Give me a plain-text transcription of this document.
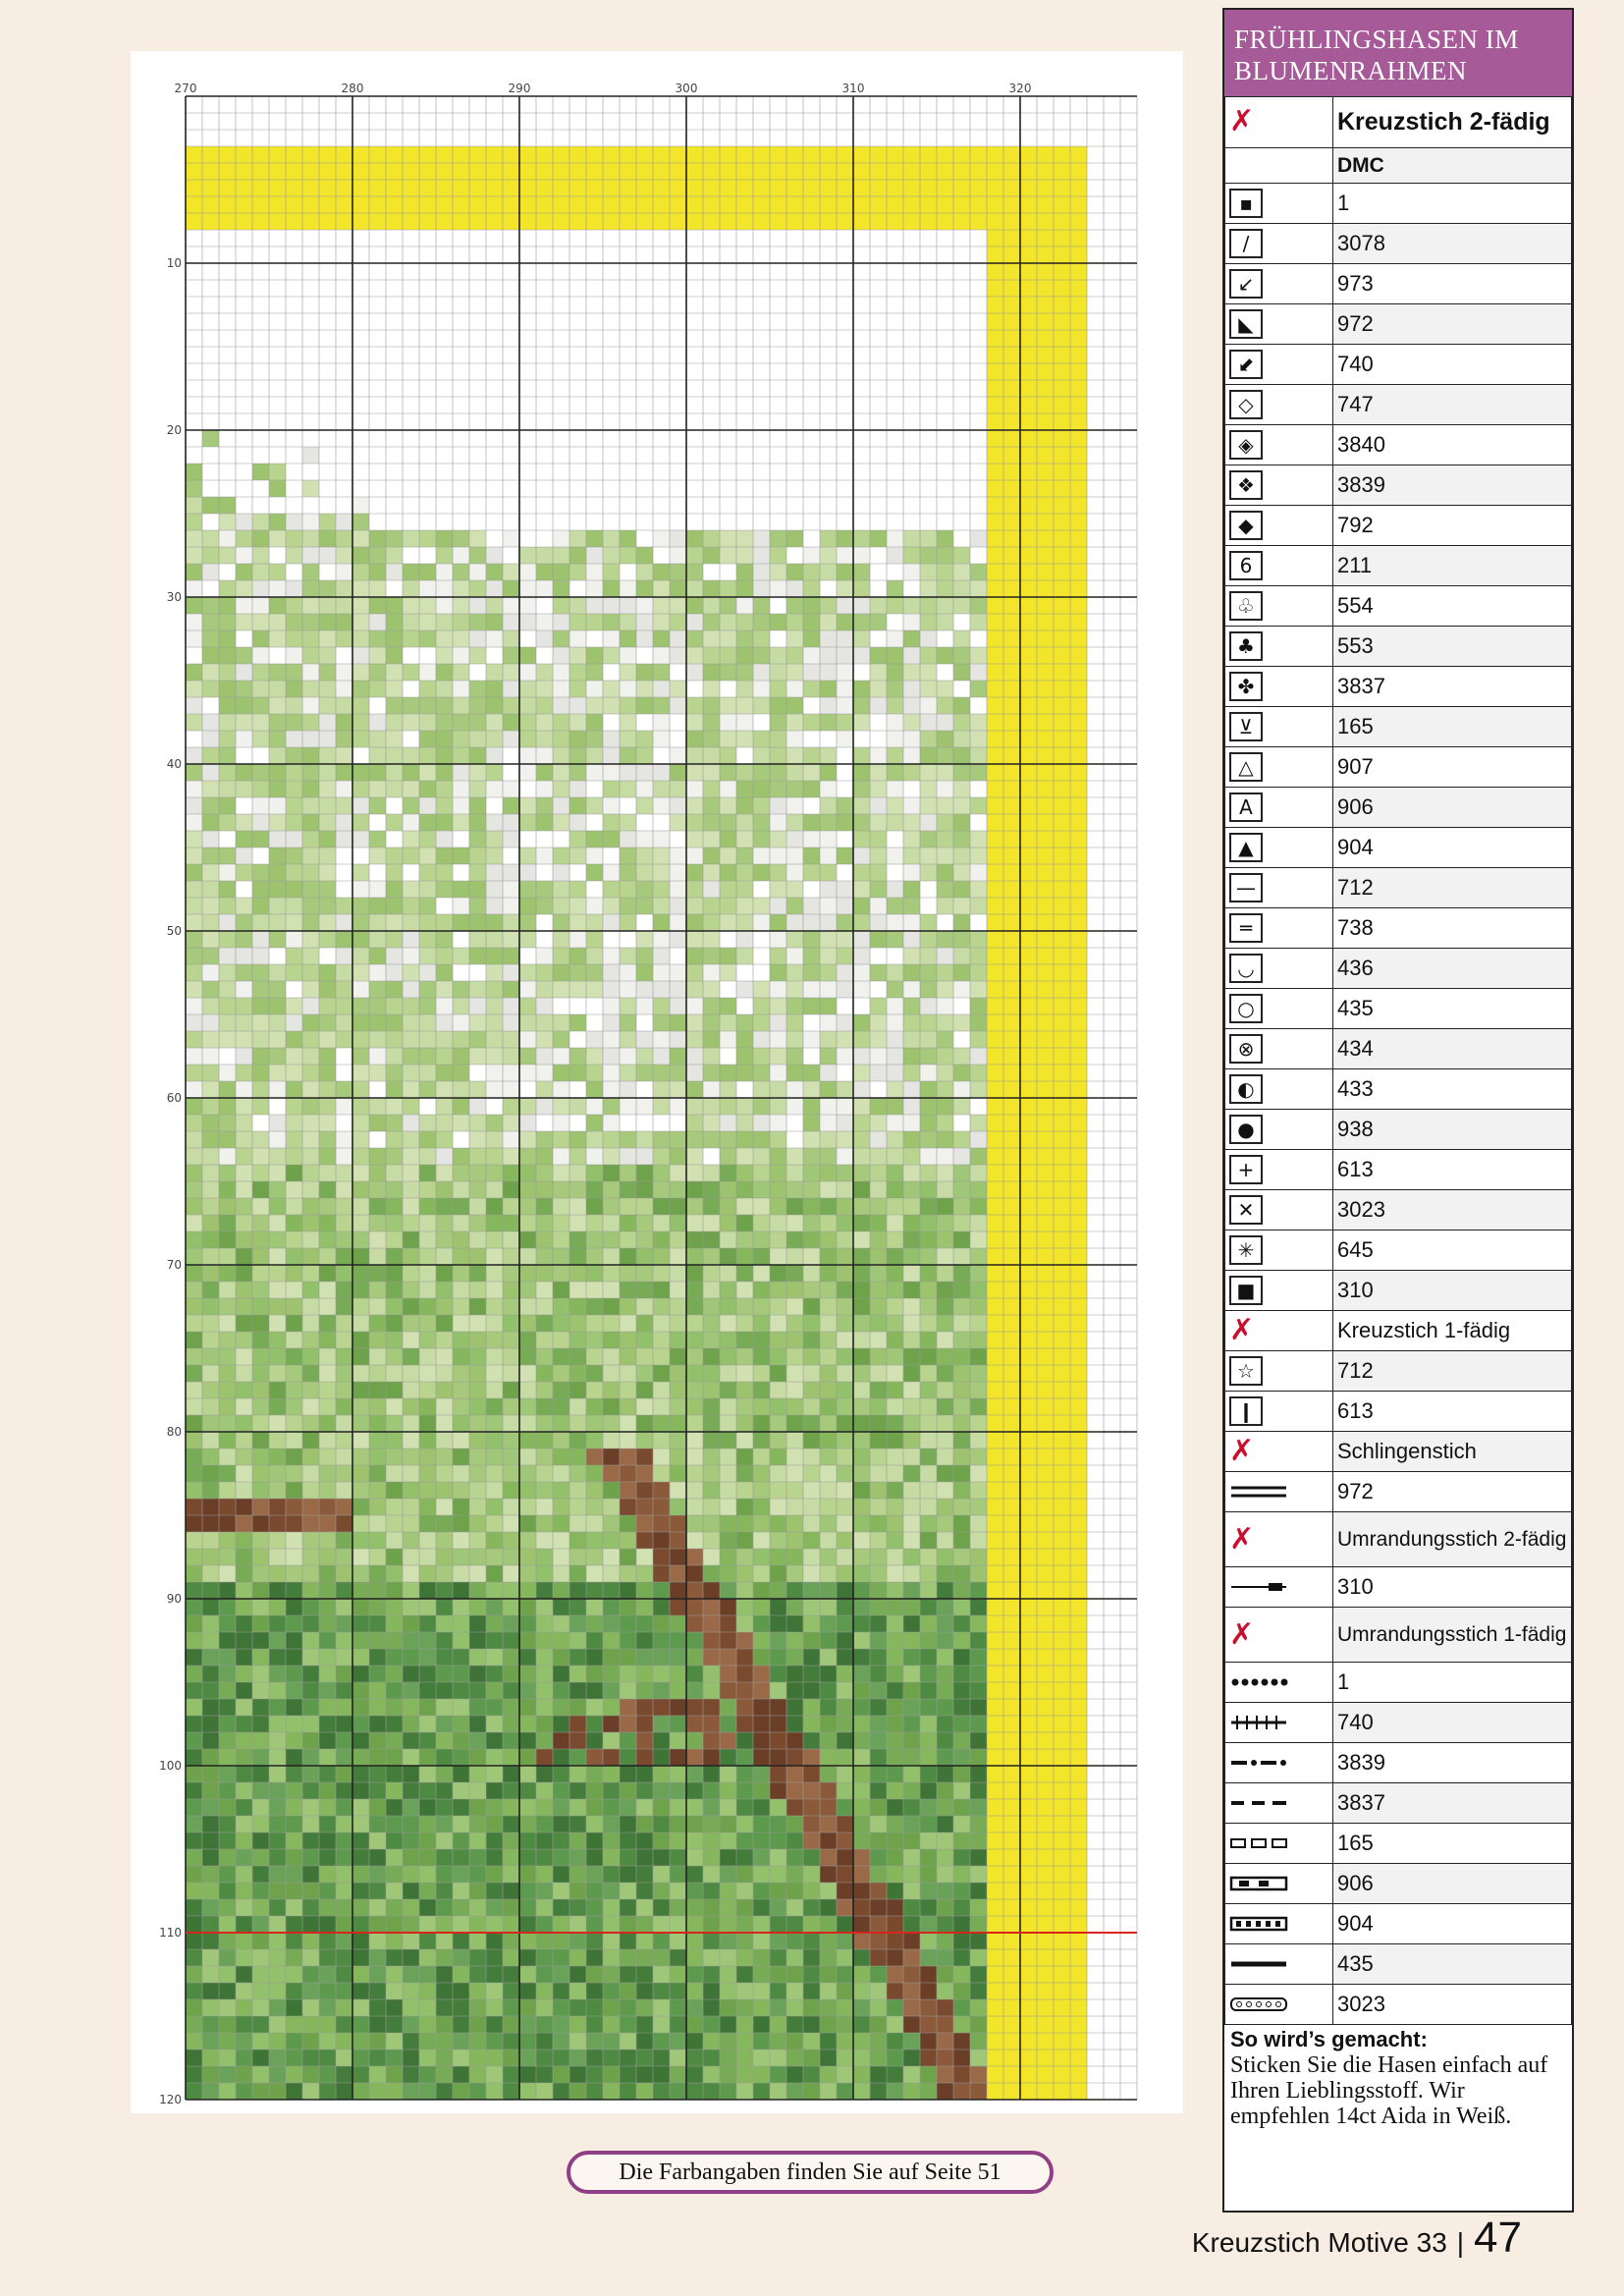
270	280	290	300	310	320
10
20
30
40
50
60
70
80
90
100
110
120
Die Farbangaben finden Sie auf Seite 51
FRÜHLINGSHASEN IM BLUMENRAHMEN
✗	Kreuzstich 2-fädig
	DMC

▪	1

/	3078

↙	973

◣	972

⬋	740

◇	747

◈	3840

❖	3839

◆	792

6	211

♧	554

♣	553

✤	3837

⊻	165

△	907

A	906

▲	904

—	712

═	738

◡	436

○	435

⊗	434

◐	433

●	938

+	613

✕	3023

✳	645

■	310
✗	Kreuzstich 1-fädig

☆	712

❙	613
✗	Schlingenstich

	972
✗	Umrandungsstich 2-fädig

	310
✗	Umrandungsstich 1-fädig

	1

	740

	3839

	3837

	165

	906

	904

	435

	3023
So wird’s gemacht:
Sticken Sie die Hasen einfach auf Ihren Lieblingsstoff. Wir empfehlen 14ct Aida in Weiß.
Kreuzstich Motive 33 | 47
